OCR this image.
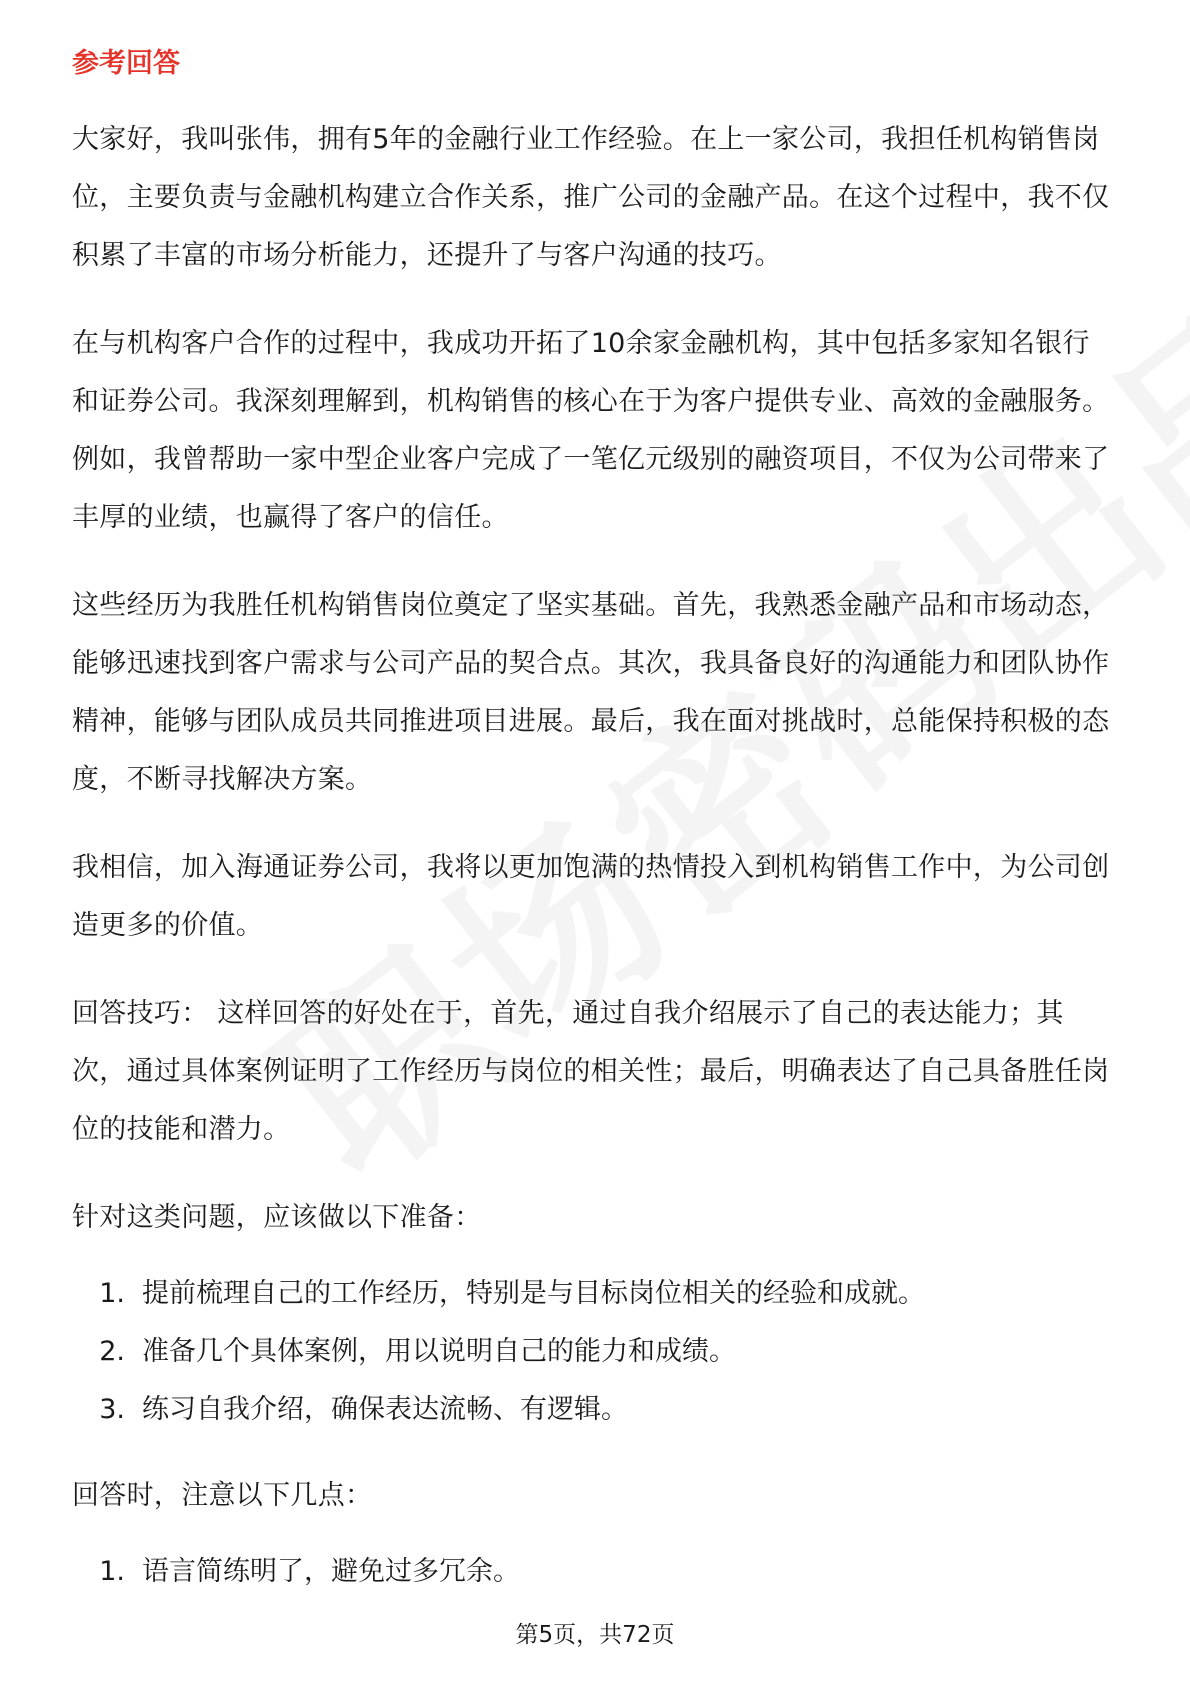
参考回答

大家好，我叫张伟，拥有5年的金融行业工作经验。在上一家公司，我担任机构销售岗位，主要负责与金融机构建立合作关系，推广公司的金融产品。在这个过程中，我不仅积累了丰富的市场分析能力，还提升了与客户沟通的技巧。

在与机构客户合作的过程中，我成功开拓了10余家金融机构，其中包括多家知名银行和证券公司。我深刻理解到，机构销售的核心在于为客户提供专业、高效的金融服务。例如，我曾帮助一家中型企业客户完成了一笔亿元级别的融资项目，不仅为公司带来了丰厚的业绩，也赢得了客户的信任。

这些经历为我胜任机构销售岗位奠定了坚实基础。首先，我熟悉金融产品和市场动态，能够迅速找到客户需求与公司产品的契合点。其次，我具备良好的沟通能力和团队协作精神，能够与团队成员共同推进项目进展。最后，我在面对挑战时，总能保持积极的态度，不断寻找解决方案。

我相信，加入海通证券公司，我将以更加饱满的热情投入到机构销售工作中，为公司创造更多的价值。

回答技巧： 这样回答的好处在于，首先，通过自我介绍展示了自己的表达能力；其次，通过具体案例证明了工作经历与岗位的相关性；最后，明确表达了自己具备胜任岗位的技能和潜力。

针对这类问题，应该做以下准备：

1. 提前梳理自己的工作经历，特别是与目标岗位相关的经验和成就。
2. 准备几个具体案例，用以说明自己的能力和成绩。
3. 练习自我介绍，确保表达流畅、有逻辑。

回答时，注意以下几点：

1. 语言简练明了，避免过多冗余。
第5页，共72页
